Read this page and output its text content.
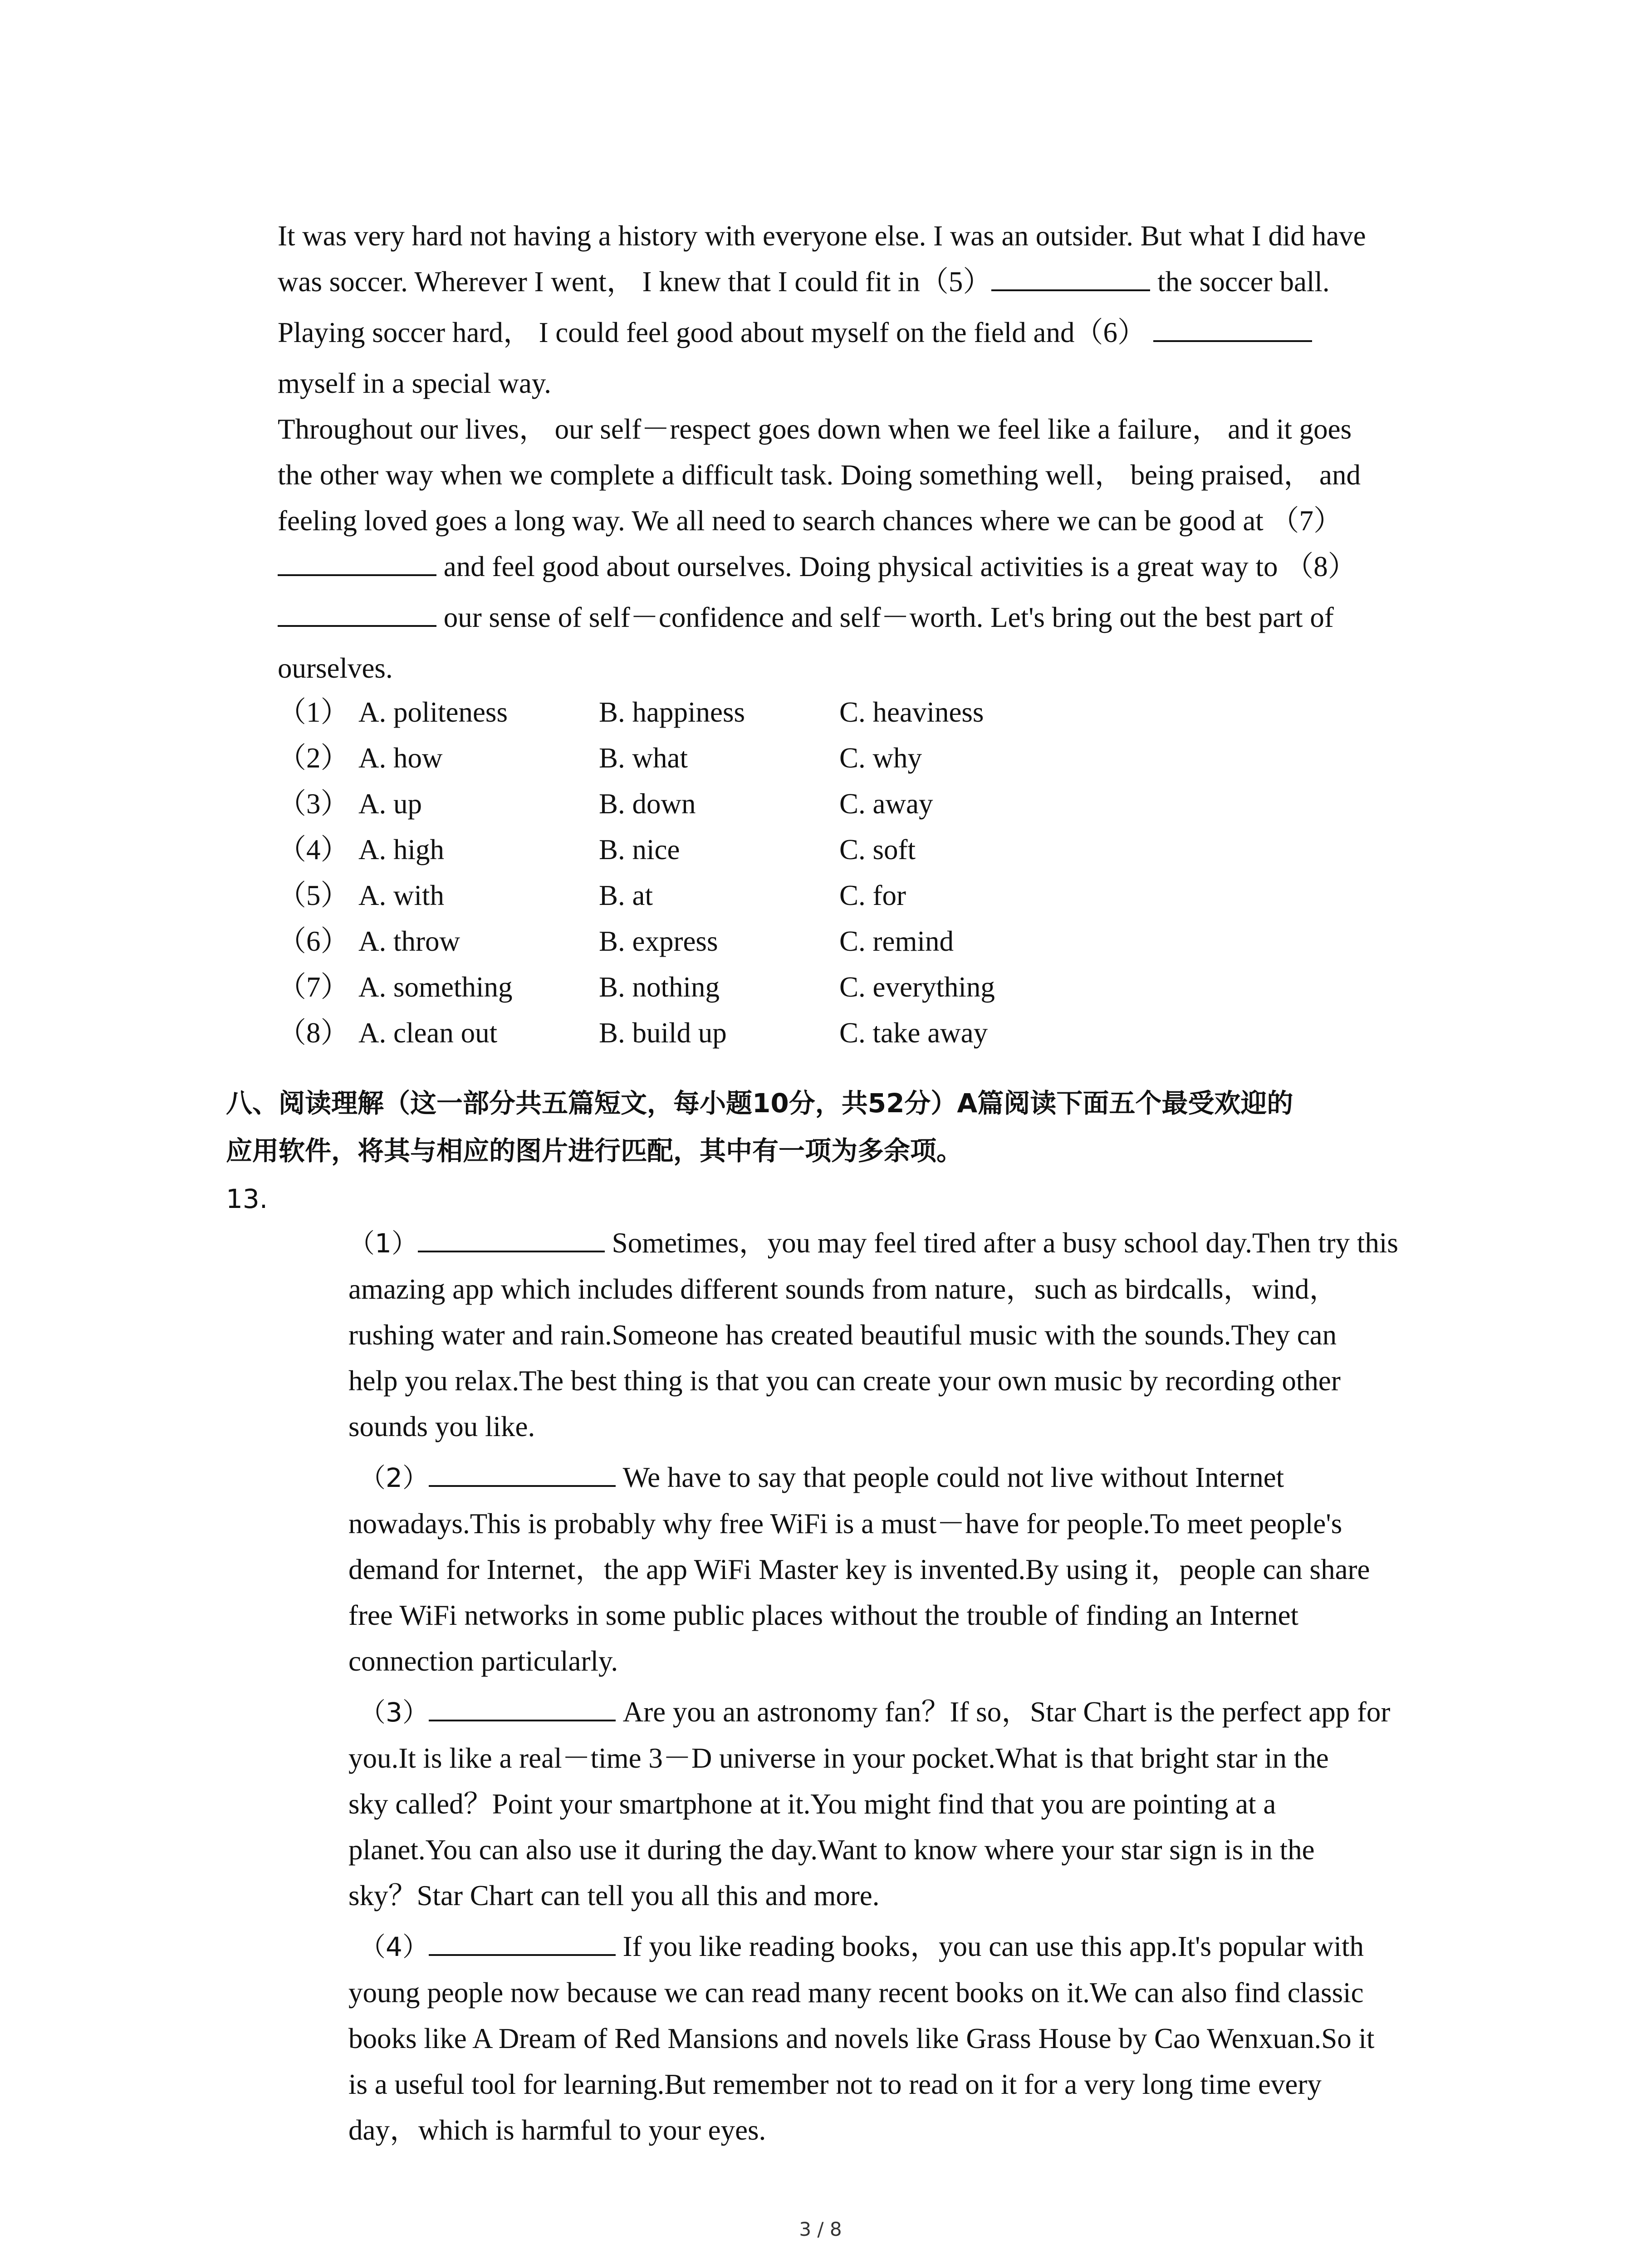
It was very hard not having a history with everyone else. I was an outsider. But what I did have
was soccer. Wherever I went， I knew that I could fit in（5）	the soccer ball.
Playing soccer hard， I could feel good about myself on the field and（6）
myself in a special way.
Throughout our lives， our self－respect goes down when we feel like a failure， and it goes
the other way when we complete a difficult task. Doing something well， being praised， and
feeling loved goes a long way. We all need to search chances where we can be good at （7）
and feel good about ourselves. Doing physical activities is a great way to （8）
our sense of self－confidence and self－worth. Let's bring out the best part of
ourselves.
（1） A. politeness	B. happiness	C. heaviness
（2） A. how	B. what	C. why
（3） A. up	B. down	C. away
（4） A. high	B. nice	C. soft
（5） A. with	B. at	C. for
（6） A. throw	B. express	C. remind
（7） A. something	B. nothing	C. everything
（8） A. clean out	B. build up	C. take away
八、阅读理解（这一部分共五篇短文，每小题10分，共52分）A篇阅读下面五个最受欢迎的
应用软件，将其与相应的图片进行匹配，其中有一项为多余项。
13.
（1）	Sometimes，you may feel tired after a busy school day.Then try this
amazing app which includes different sounds from nature，such as birdcalls，wind，
rushing water and rain.Someone has created beautiful music with the sounds.They can
help you relax.The best thing is that you can create your own music by recording other
sounds you like.
（2）	We have to say that people could not live without Internet
nowadays.This is probably why free WiFi is a must－have for people.To meet people's
demand for Internet，the app WiFi Master key is invented.By using it，people can share
free WiFi networks in some public places without the trouble of finding an Internet
connection particularly.
（3）	Are you an astronomy fan？If so，Star Chart is the perfect app for
you.It is like a real－time 3－D universe in your pocket.What is that bright star in the
sky called？Point your smartphone at it.You might find that you are pointing at a
planet.You can also use it during the day.Want to know where your star sign is in the
sky？Star Chart can tell you all this and more.
（4）	If you like reading books，you can use this app.It's popular with
young people now because we can read many recent books on it.We can also find classic
books like A Dream of Red Mansions and novels like Grass House by Cao Wenxuan.So it
is a useful tool for learning.But remember not to read on it for a very long time every
day，which is harmful to your eyes.
3 / 8
